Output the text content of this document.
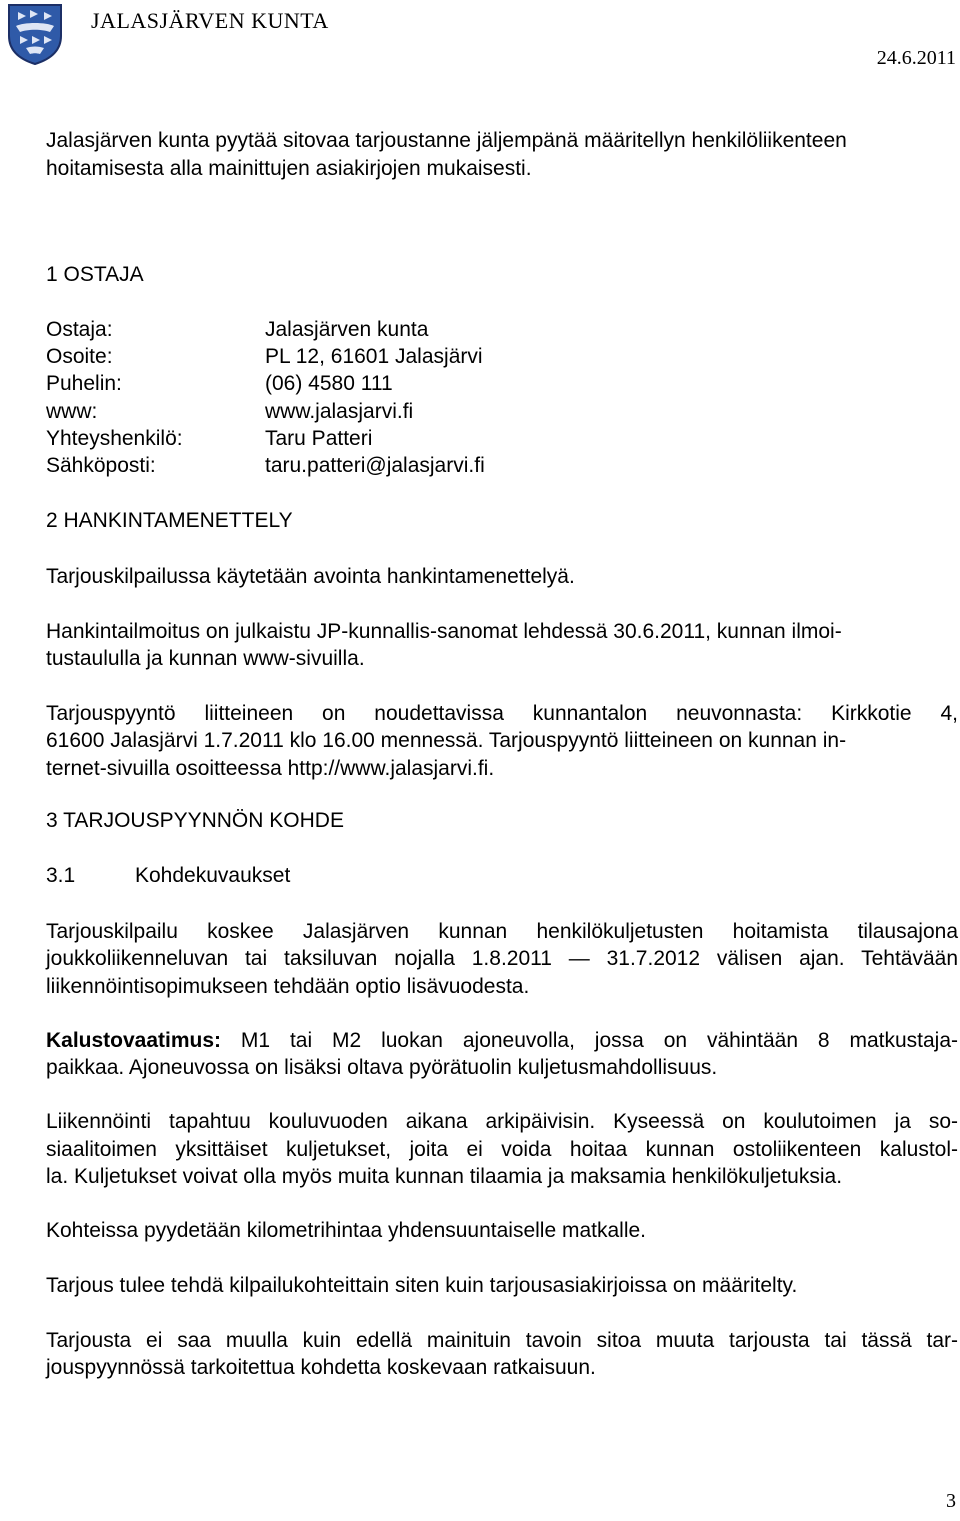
JALASJÄRVEN KUNTA
24.6.2011

Jalasjärven kunta pyytää sitovaa tarjoustanne jäljempänä määritellyn henkilöliikenteen hoitamisesta alla mainittujen asiakirjojen mukaisesti.

1 OSTAJA
Ostaja:	Jalasjärven kunta
Osoite:	PL 12, 61601 Jalasjärvi
Puhelin:	(06) 4580 111
www:	www.jalasjarvi.fi
Yhteyshenkilö:	Taru Patteri
Sähköposti:	taru.patteri@jalasjarvi.fi
2 HANKINTAMENETTELY
Tarjouskilpailussa käytetään avointa hankintamenettelyä.
Hankintailmoitus on julkaistu JP-kunnallis-sanomat lehdessä 30.6.2011, kunnan ilmoi-
tustaululla ja kunnan www-sivuilla.
Tarjouspyyntö liitteineen on noudettavissa kunnantalon neuvonnasta: Kirkkotie 4,
61600 Jalasjärvi 1.7.2011 klo 16.00 mennessä. Tarjouspyyntö liitteineen on kunnan in-
ternet-sivuilla osoitteessa http://www.jalasjarvi.fi.
3 TARJOUSPYYNNÖN KOHDE
3.1	Kohdekuvaukset
Tarjouskilpailu koskee Jalasjärven kunnan henkilökuljetusten hoitamista tilausajona
joukkoliikenneluvan tai taksiluvan nojalla 1.8.2011 — 31.7.2012 välisen ajan. Tehtävään
liikennöintisopimukseen tehdään optio lisävuodesta.
Kalustovaatimus: M1 tai M2 luokan ajoneuvolla, jossa on vähintään 8 matkustaja-
paikkaa. Ajoneuvossa on lisäksi oltava pyörätuolin kuljetusmahdollisuus.
Liikennöinti tapahtuu kouluvuoden aikana arkipäivisin. Kyseessä on koulutoimen ja so-
siaalitoimen yksittäiset kuljetukset, joita ei voida hoitaa kunnan ostoliikenteen kalustol-
la. Kuljetukset voivat olla myös muita kunnan tilaamia ja maksamia henkilökuljetuksia.
Kohteissa pyydetään kilometrihintaa yhdensuuntaiselle matkalle.
Tarjous tulee tehdä kilpailukohteittain siten kuin tarjousasiakirjoissa on määritelty.
Tarjousta ei saa muulla kuin edellä mainituin tavoin sitoa muuta tarjousta tai tässä tar-
jouspyynnössä tarkoitettua kohdetta koskevaan ratkaisuun.
3
